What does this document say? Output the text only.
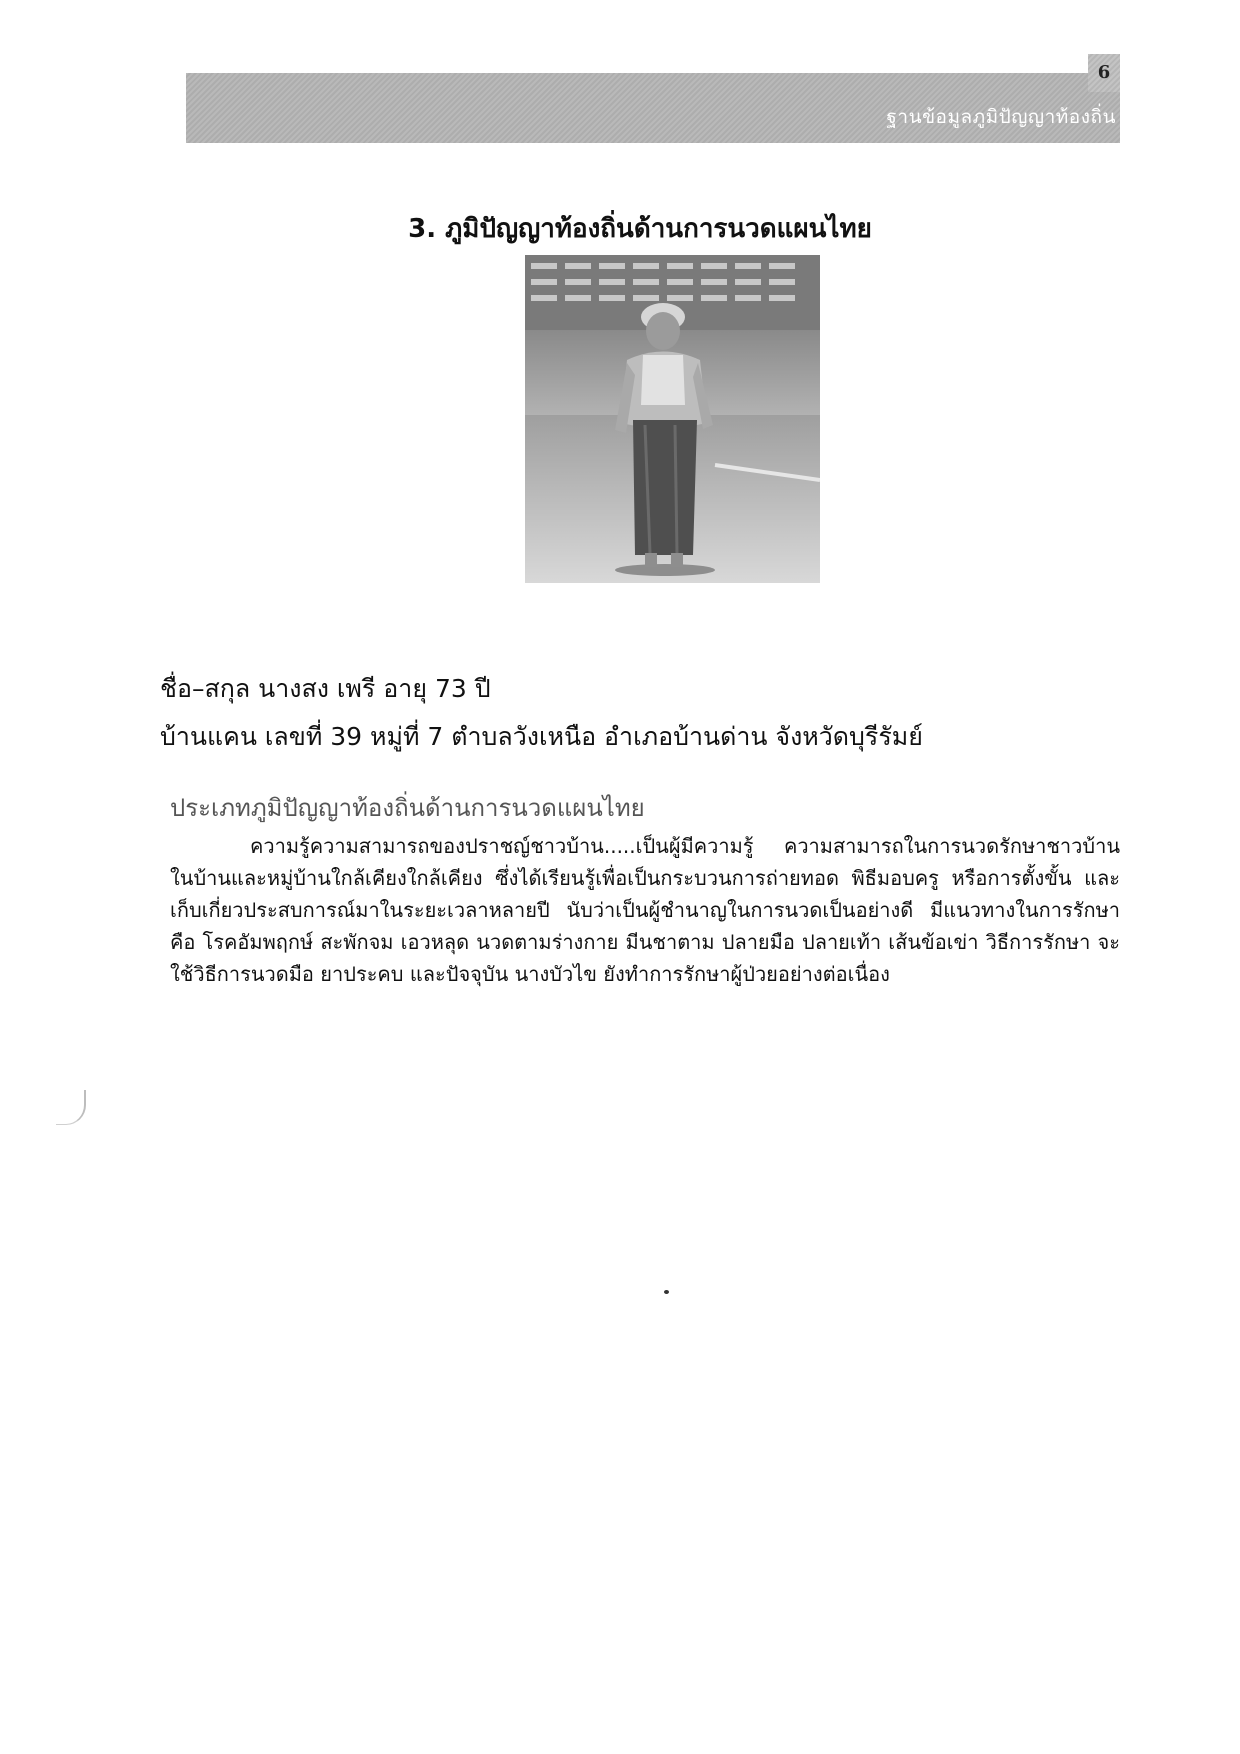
6
ฐานข้อมูลภูมิปัญญาท้องถิ่น
3. ภูมิปัญญาท้องถิ่นด้านการนวดแผนไทย
ชื่อ–สกุล นางสง เพรี อายุ 73 ปี
บ้านแคน เลขที่ 39 หมู่ที่ 7 ตำบลวังเหนือ อำเภอบ้านด่าน จังหวัดบุรีรัมย์
ประเภทภูมิปัญญาท้องถิ่นด้านการนวดแผนไทย
ความรู้ความสามารถของปราชญ์ชาวบ้าน.....เป็นผู้มีความรู้ ความสามารถในการนวดรักษาชาวบ้าน ในบ้านและหมู่บ้านใกล้เคียงใกล้เคียง ซึ่งได้เรียนรู้เพื่อเป็นกระบวนการถ่ายทอด พิธีมอบครู หรือการตั้งขั้น และเก็บเกี่ยวประสบการณ์มาในระยะเวลาหลายปี นับว่าเป็นผู้ชำนาญในการนวดเป็นอย่างดี มีแนวทางในการรักษา คือ โรคอัมพฤกษ์ สะพักจม เอวหลุด นวดตามร่างกาย มีนชาตาม ปลายมือ ปลายเท้า เส้นข้อเข่า วิธีการรักษา จะใช้วิธีการนวดมือ ยาประคบ และปัจจุบัน นางบัวไข ยังทำการรักษาผู้ป่วยอย่างต่อเนื่อง
